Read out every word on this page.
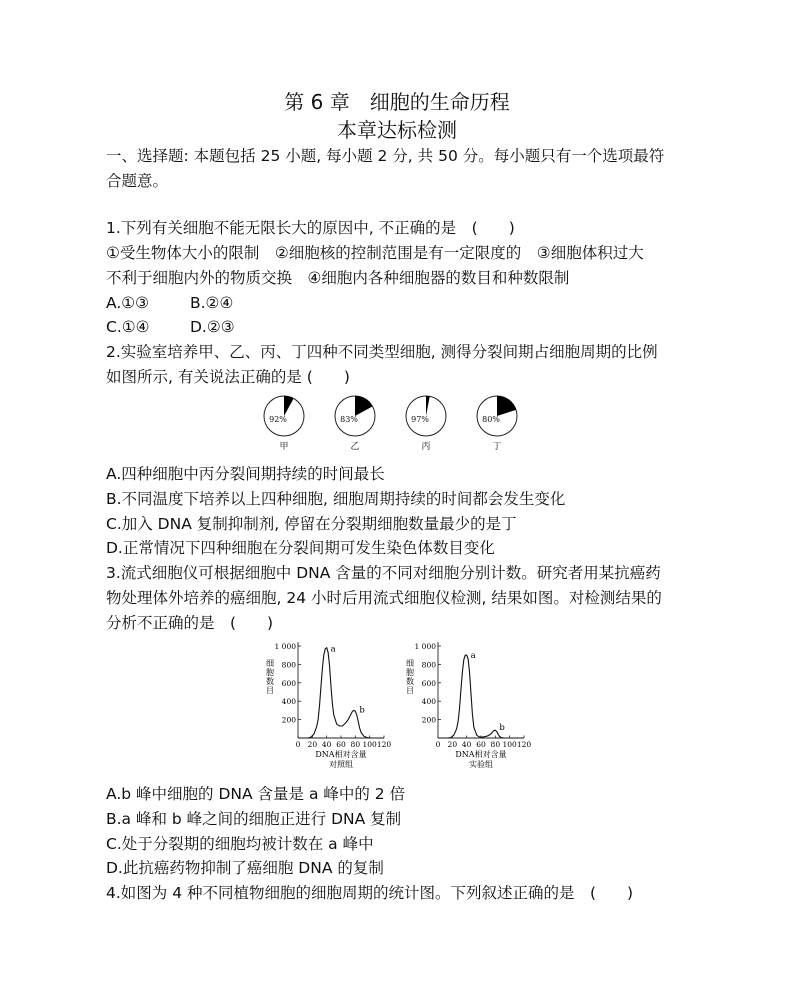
第 6 章　细胞的生命历程
本章达标检测
一、选择题: 本题包括 25 小题, 每小题 2 分, 共 50 分。每小题只有一个选项最符
合题意。
1.下列有关细胞不能无限长大的原因中, 不正确的是　(　　)
①受生物体大小的限制　②细胞核的控制范围是有一定限度的　③细胞体积过大
不利于细胞内外的物质交换　④细胞内各种细胞器的数目和种数限制
A.①③	B.②④
C.①④	D.②③
2.实验室培养甲、乙、丙、丁四种不同类型细胞, 测得分裂间期占细胞周期的比例
如图所示, 有关说法正确的是 (　　)
92%
甲
83%
乙
97%
丙
80%
丁
A.四种细胞中丙分裂间期持续的时间最长
B.不同温度下培养以上四种细胞, 细胞周期持续的时间都会发生变化
C.加入 DNA 复制抑制剂, 停留在分裂期细胞数量最少的是丁
D.正常情况下四种细胞在分裂间期可发生染色体数目变化
3.流式细胞仪可根据细胞中 DNA 含量的不同对细胞分别计数。研究者用某抗癌药
物处理体外培养的癌细胞, 24 小时后用流式细胞仪检测, 结果如图。对检测结果的
分析不正确的是　(　　)
200
400
600
800
1 000
0 20 40 60 80 100 120
细胞数目
DNA相对含量
对照组
a
b
200
400
600
800
1 000
0 20 40 60 80 100 120
细胞数目
DNA相对含量
实验组
a
b
A.b 峰中细胞的 DNA 含量是 a 峰中的 2 倍
B.a 峰和 b 峰之间的细胞正进行 DNA 复制
C.处于分裂期的细胞均被计数在 a 峰中
D.此抗癌药物抑制了癌细胞 DNA 的复制
4.如图为 4 种不同植物细胞的细胞周期的统计图。下列叙述正确的是　(　　)
